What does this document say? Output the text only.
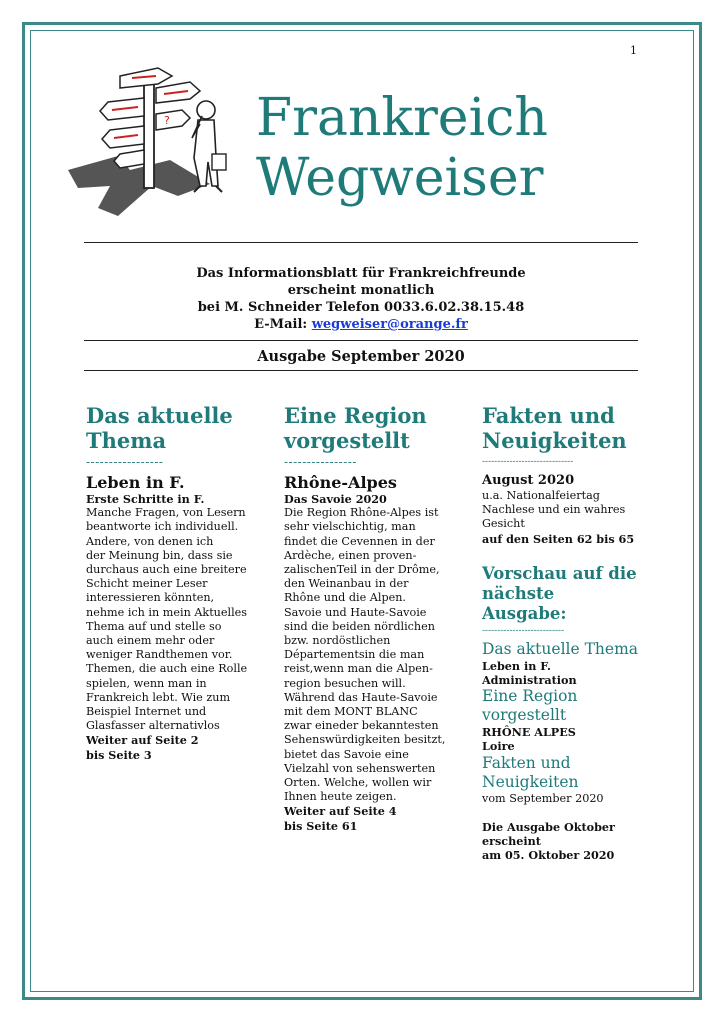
1
? Frankreich
Wegweiser
Das Informationsblatt für Frankreichfreunde
erscheint monatlich
bei M. Schneider Telefon 0033.6.02.38.15.48
E-Mail: wegweiser@orange.fr
Ausgabe September 2020
Das aktuelle
Thema
-----------------
Leben in F.
Erste Schritte in F.

Manche Fragen, von Lesern

beantworte ich individuell.

Andere, von denen ich

der Meinung bin, dass sie

durchaus auch eine breitere

Schicht meiner Leser

interessieren könnten,

nehme ich in mein Aktuelles

Thema auf und stelle so

auch einem mehr oder

weniger Randthemen vor.

Themen, die auch eine Rolle

spielen, wenn man in

Frankreich lebt. Wie zum

Beispiel Internet und

Glasfasser alternativlos

Weiter auf Seite 2
bis Seite 3
Eine Region
vorgestellt
----------------
Rhône-Alpes
Das Savoie 2020

Die Region Rhône-Alpes ist

sehr vielschichtig, man

findet die Cevennen in der

Ardèche, einen proven-

zalischenTeil in der Drôme,

den Weinanbau in der

Rhône und die Alpen.

Savoie und Haute-Savoie

sind die beiden nördlichen

bzw. nordöstlichen

Départementsin die man

reist,wenn man die Alpen-

region besuchen will.

Während das Haute-Savoie

mit dem MONT BLANC

zwar eineder bekanntesten

Sehenswürdigkeiten besitzt,

bietet das Savoie eine

Vielzahl von sehenswerten

Orten. Welche, wollen wir

Ihnen heute zeigen.

Weiter auf Seite 4
bis Seite 61
Fakten und
Neuigkeiten
------------------------------
August 2020

u.a. Nationalfeiertag

Nachlese und ein wahres

Gesicht

auf den Seiten 62 bis 65
Vorschau auf die
nächste Ausgabe:
---------------------------
Das aktuelle Thema
Leben in F.
Administration
Eine Region
vorgestellt
RHÔNE ALPES
Loire
Fakten und
Neuigkeiten
vom September 2020
Die Ausgabe Oktober
erscheint
am 05. Oktober 2020
